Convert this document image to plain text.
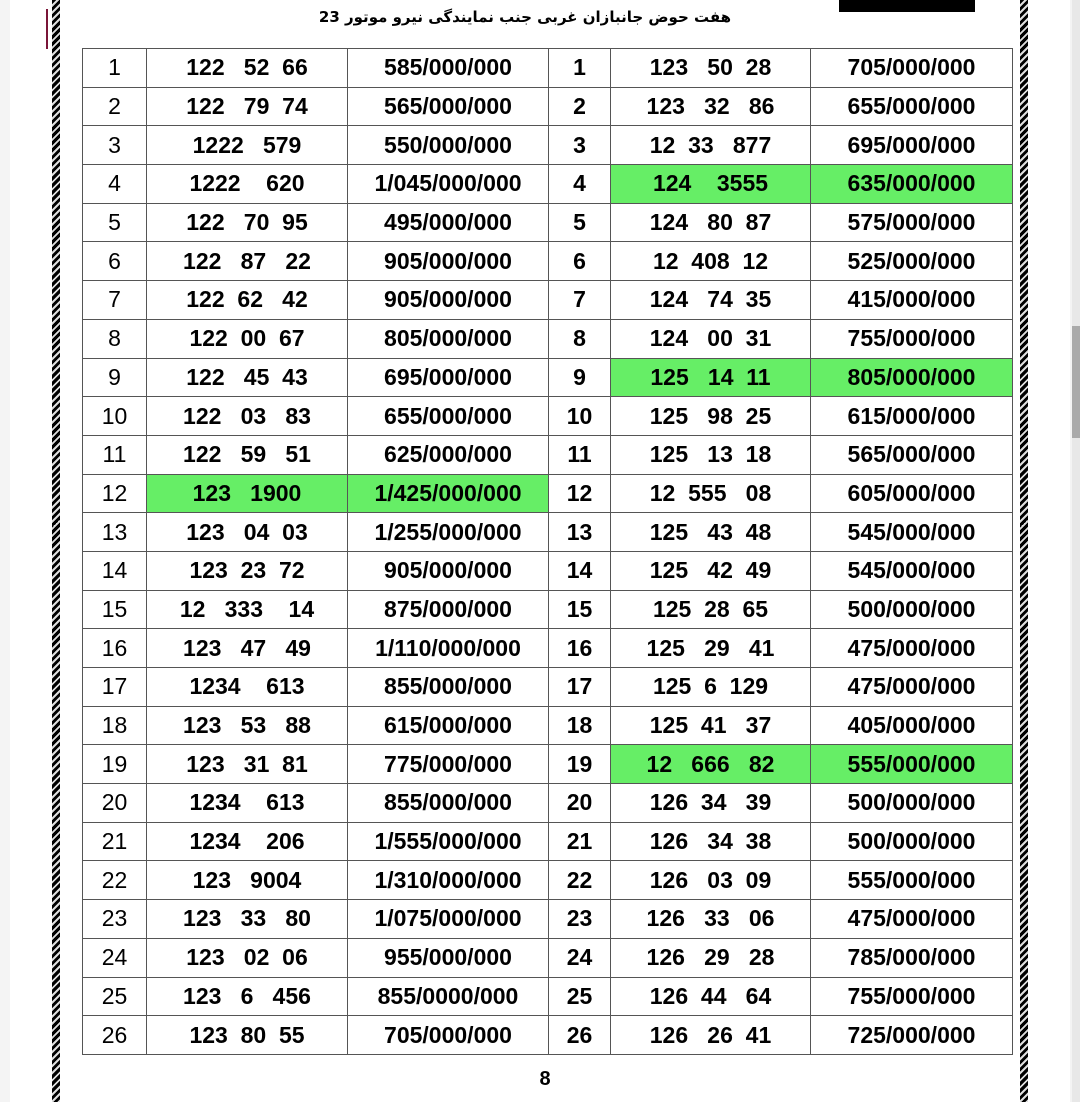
هفت حوض جانبازان غربی جنب نمایندگی نیرو موتور 23
1	122   52  66	585/000/000	1	123   50  28	705/000/000
2	122   79  74	565/000/000	2	123   32   86	655/000/000
3	1222   579	550/000/000	3	12  33   877	695/000/000
4	1222    620	1/045/000/000	4	124    3555	635/000/000
5	122   70  95	495/000/000	5	124   80  87	575/000/000
6	122   87   22	905/000/000	6	12  408  12	525/000/000
7	122  62   42	905/000/000	7	124   74  35	415/000/000
8	122  00  67	805/000/000	8	124   00  31	755/000/000
9	122   45  43	695/000/000	9	125   14  11	805/000/000
10	122   03   83	655/000/000	10	125   98  25	615/000/000
11	122   59   51	625/000/000	11	125   13  18	565/000/000
12	123   1900	1/425/000/000	12	12  555   08	605/000/000
13	123   04  03	1/255/000/000	13	125   43  48	545/000/000
14	123  23  72	905/000/000	14	125   42  49	545/000/000
15	12   333    14	875/000/000	15	125  28  65	500/000/000
16	123   47   49	1/110/000/000	16	125   29   41	475/000/000
17	1234    613	855/000/000	17	125  6  129	475/000/000
18	123   53   88	615/000/000	18	125  41   37	405/000/000
19	123   31  81	775/000/000	19	12   666   82	555/000/000
20	1234    613	855/000/000	20	126  34   39	500/000/000
21	1234    206	1/555/000/000	21	126   34  38	500/000/000
22	123   9004	1/310/000/000	22	126   03  09	555/000/000
23	123   33   80	1/075/000/000	23	126   33   06	475/000/000
24	123   02  06	955/000/000	24	126   29   28	785/000/000
25	123   6   456	855/0000/000	25	126  44   64	755/000/000
26	123  80  55	705/000/000	26	126   26  41	725/000/000
8
